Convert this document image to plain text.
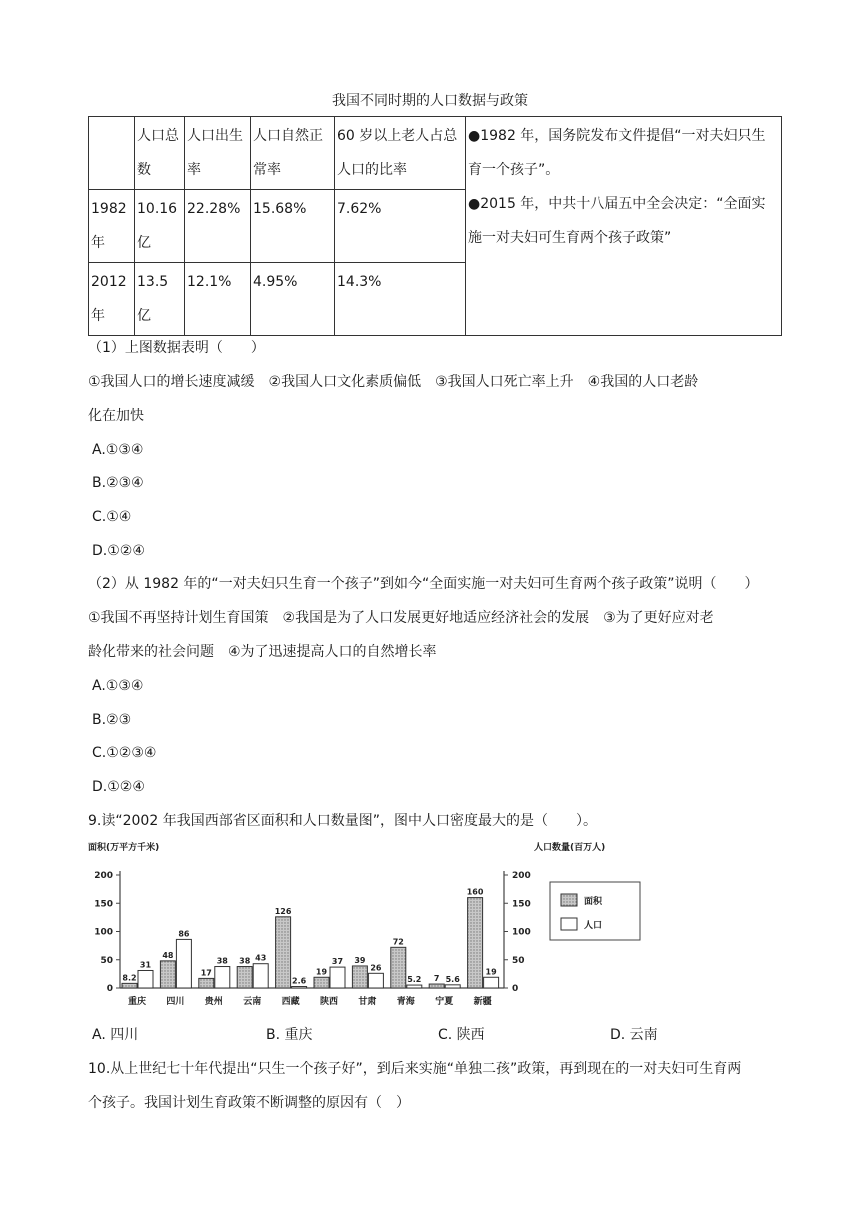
我国不同时期的人口数据与政策
	人口总数	人口出生率	人口自然正常率	60 岁以上老人占总人口的比率	●1982 年，国务院发布文件提倡“一对夫妇只生育一个孩子”。
●2015 年，中共十八届五中全会决定：“全面实施一对夫妇可生育两个孩子政策”

1982 年	10.16 亿	22.28%	15.68%	7.62%	
2012 年	13.5 亿	12.1%	4.95%	14.3%	
（1）上图数据表明（　　）
①我国人口的增长速度减缓　②我国人口文化素质偏低　③我国人口死亡率上升　④我国的人口老龄
化在加快
A.①③④
B.②③④
C.①④
D.①②④
（2）从 1982 年的“一对夫妇只生育一个孩子”到如今“全面实施一对夫妇可生育两个孩子政策”说明（　　）
①我国不再坚持计划生育国策　②我国是为了人口发展更好地适应经济社会的发展　③为了更好应对老
龄化带来的社会问题　④为了迅速提高人口的自然增长率
A.①③④
B.②③
C.①②③④
D.①②④
9.读“2002 年我国西部省区面积和人口数量图”，图中人口密度最大的是（　　）。
面积(万平方千米)	人口数量(百万人)
0	0
50	50
100	100
150	150
200	200
8.2
31
重庆
48
86
四川
17
38
贵州
38 43
云南
126
2.6
西藏
19
37
陕西
39
26
甘肃
72
5.2
青海
7 5.6
宁夏
160
19
新疆
面积
人口
A. 四川	B. 重庆	C. 陕西	D. 云南
10.从上世纪七十年代提出“只生一个孩子好”，到后来实施“单独二孩”政策，再到现在的一对夫妇可生育两
个孩子。我国计划生育政策不断调整的原因有（　）
